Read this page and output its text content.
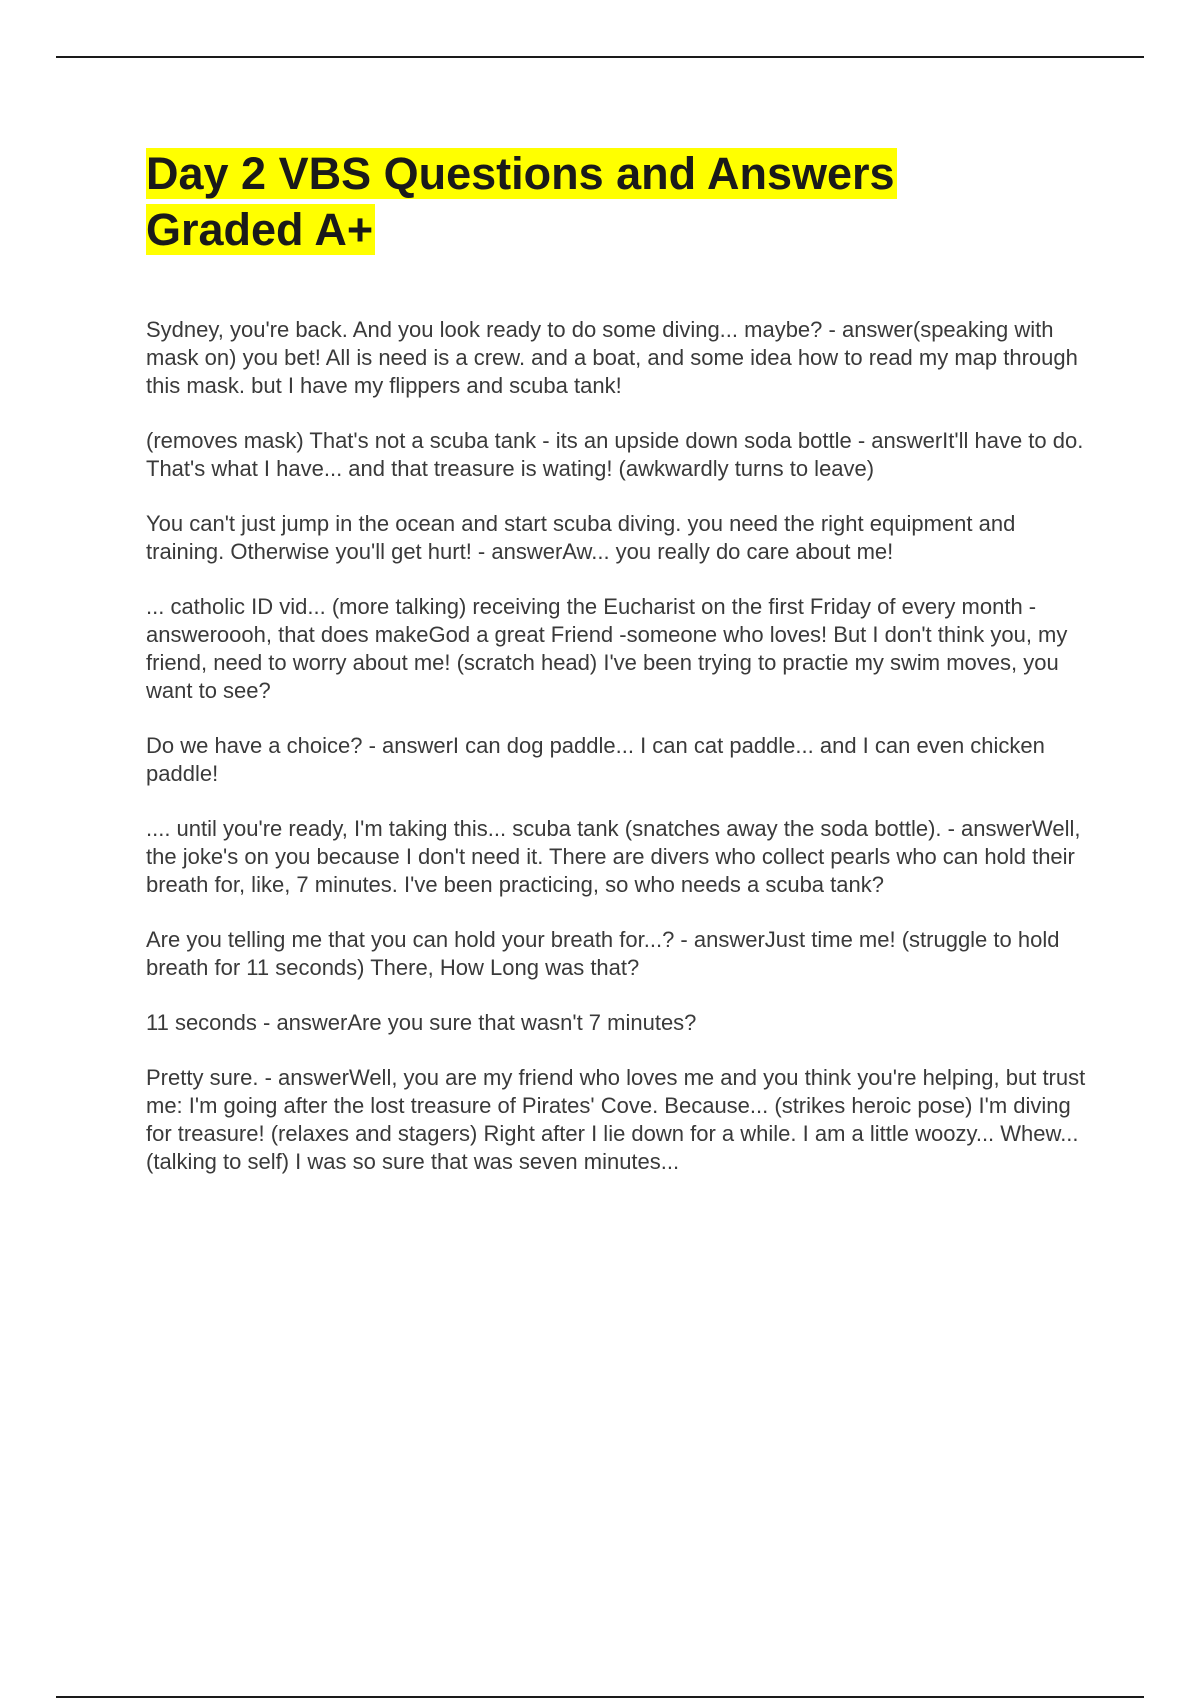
Day 2 VBS Questions and Answers
Graded A+

Sydney, you're back. And you look ready to do some diving... maybe? - answer(speaking with mask on) you bet! All is need is a crew. and a boat, and some idea how to read my map through this mask. but I have my flippers and scuba tank!

(removes mask) That's not a scuba tank - its an upside down soda bottle - answerIt'll have to do. That's what I have... and that treasure is wating! (awkwardly turns to leave)

You can't just jump in the ocean and start scuba diving. you need the right equipment and training. Otherwise you'll get hurt! - answerAw... you really do care about me!

... catholic ID vid... (more talking) receiving the Eucharist on the first Friday of every month - answeroooh, that does makeGod a great Friend -someone who loves! But I don't think you, my friend, need to worry about me! (scratch head) I've been trying to practie my swim moves, you want to see?

Do we have a choice? - answerI can dog paddle... I can cat paddle... and I can even chicken paddle!

.... until you're ready, I'm taking this... scuba tank (snatches away the soda bottle). - answerWell, the joke's on you because I don't need it. There are divers who collect pearls who can hold their breath for, like, 7 minutes. I've been practicing, so who needs a scuba tank?

Are you telling me that you can hold your breath for...? - answerJust time me! (struggle to hold breath for 11 seconds) There, How Long was that?

11 seconds - answerAre you sure that wasn't 7 minutes?

Pretty sure. - answerWell, you are my friend who loves me and you think you're helping, but trust me: I'm going after the lost treasure of Pirates' Cove. Because... (strikes heroic pose) I'm diving for treasure! (relaxes and stagers) Right after I lie down for a while. I am a little woozy... Whew... (talking to self) I was so sure that was seven minutes...
